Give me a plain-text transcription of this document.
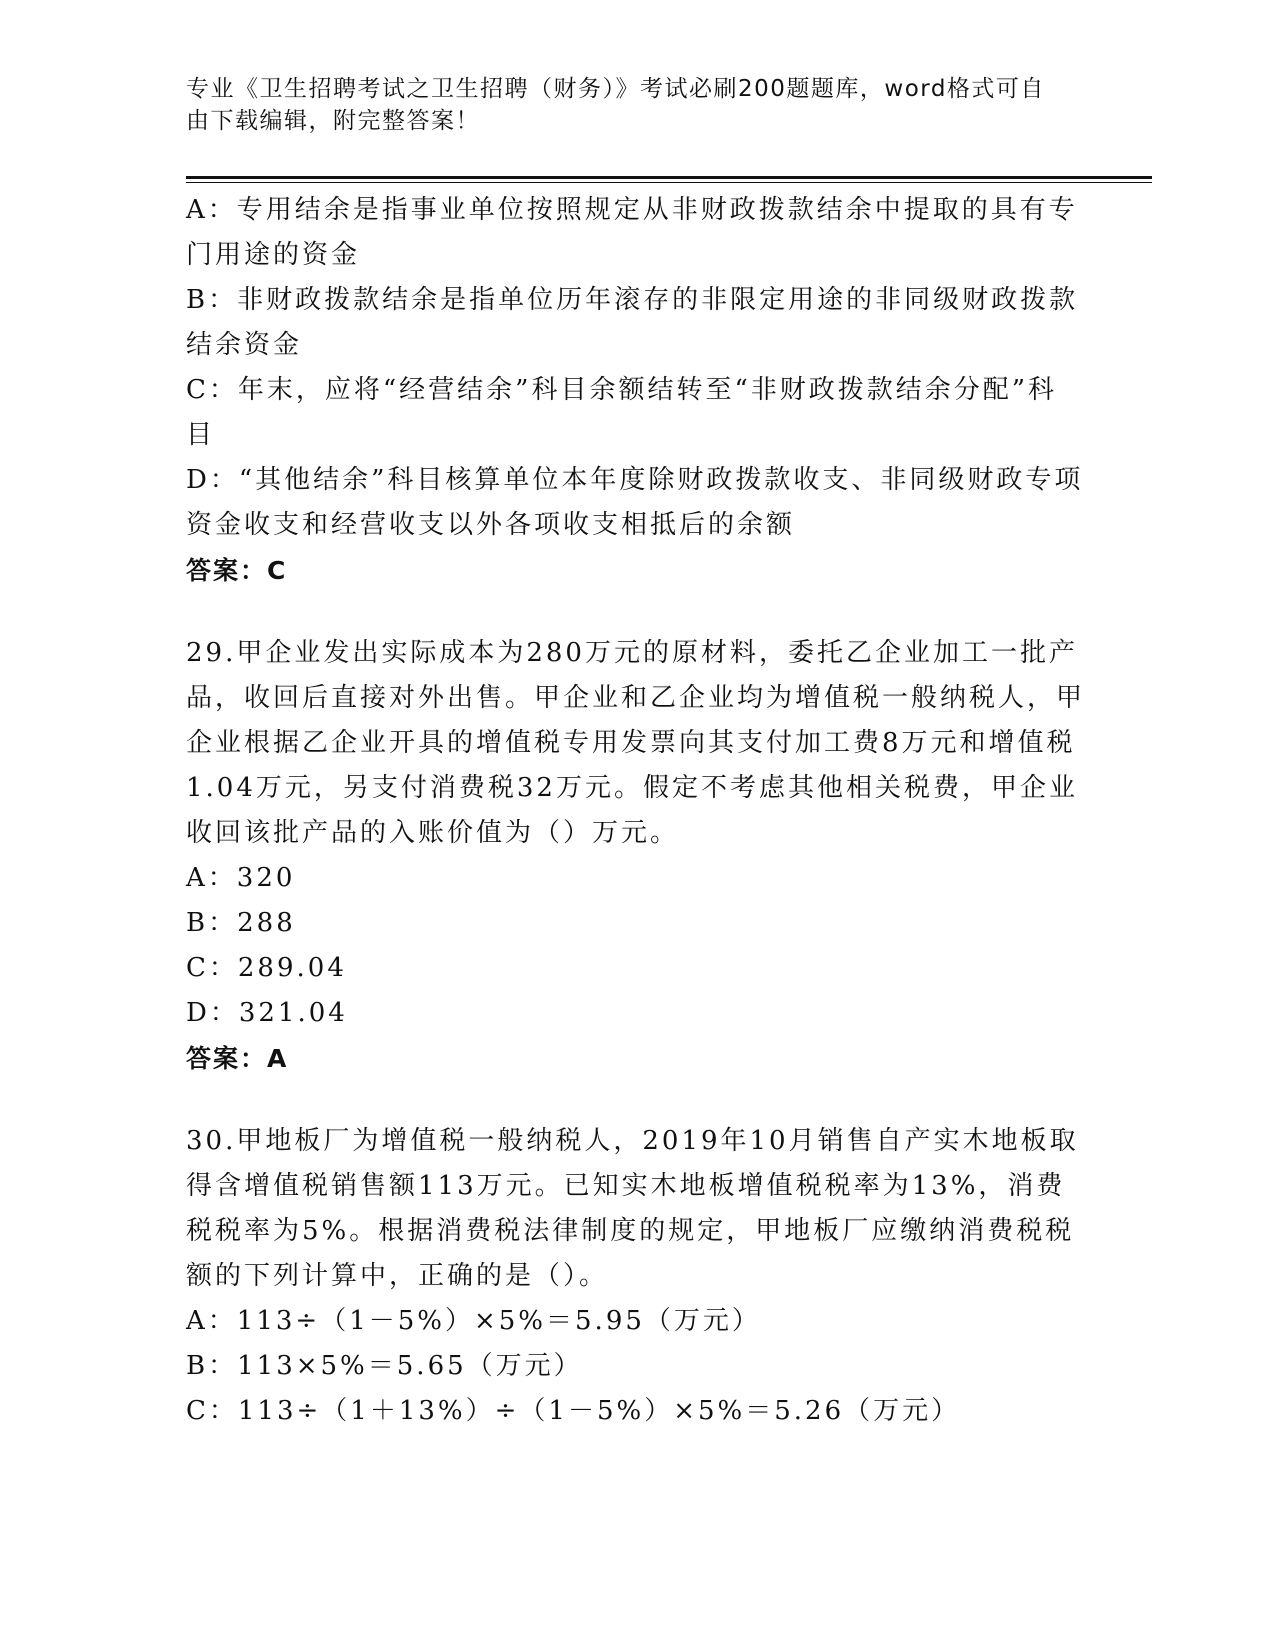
专业《卫生招聘考试之卫生招聘（财务）》考试必刷200题题库，word格式可自

由下载编辑，附完整答案！

A：专用结余是指事业单位按照规定从非财政拨款结余中提取的具有专门用途的资金

B：非财政拨款结余是指单位历年滚存的非限定用途的非同级财政拨款结余资金

C：年末，应将“经营结余”科目余额结转至“非财政拨款结余分配”科目

D：“其他结余”科目核算单位本年度除财政拨款收支、非同级财政专项资金收支和经营收支以外各项收支相抵后的余额

答案：C

29.甲企业发出实际成本为280万元的原材料，委托乙企业加工一批产品，收回后直接对外出售。甲企业和乙企业均为增值税一般纳税人，甲企业根据乙企业开具的增值税专用发票向其支付加工费8万元和增值税1.04万元，另支付消费税32万元。假定不考虑其他相关税费，甲企业收回该批产品的入账价值为（）万元。

A：320

B：288

C：289.04

D：321.04

答案：A

30.甲地板厂为增值税一般纳税人，2019年10月销售自产实木地板取得含增值税销售额113万元。已知实木地板增值税税率为13%，消费税税率为5%。根据消费税法律制度的规定，甲地板厂应缴纳消费税税额的下列计算中，正确的是（）。

A：113÷（1－5%）×5%＝5.95（万元）

B：113×5%＝5.65（万元）

C：113÷（1＋13%）÷（1－5%）×5%＝5.26（万元）
